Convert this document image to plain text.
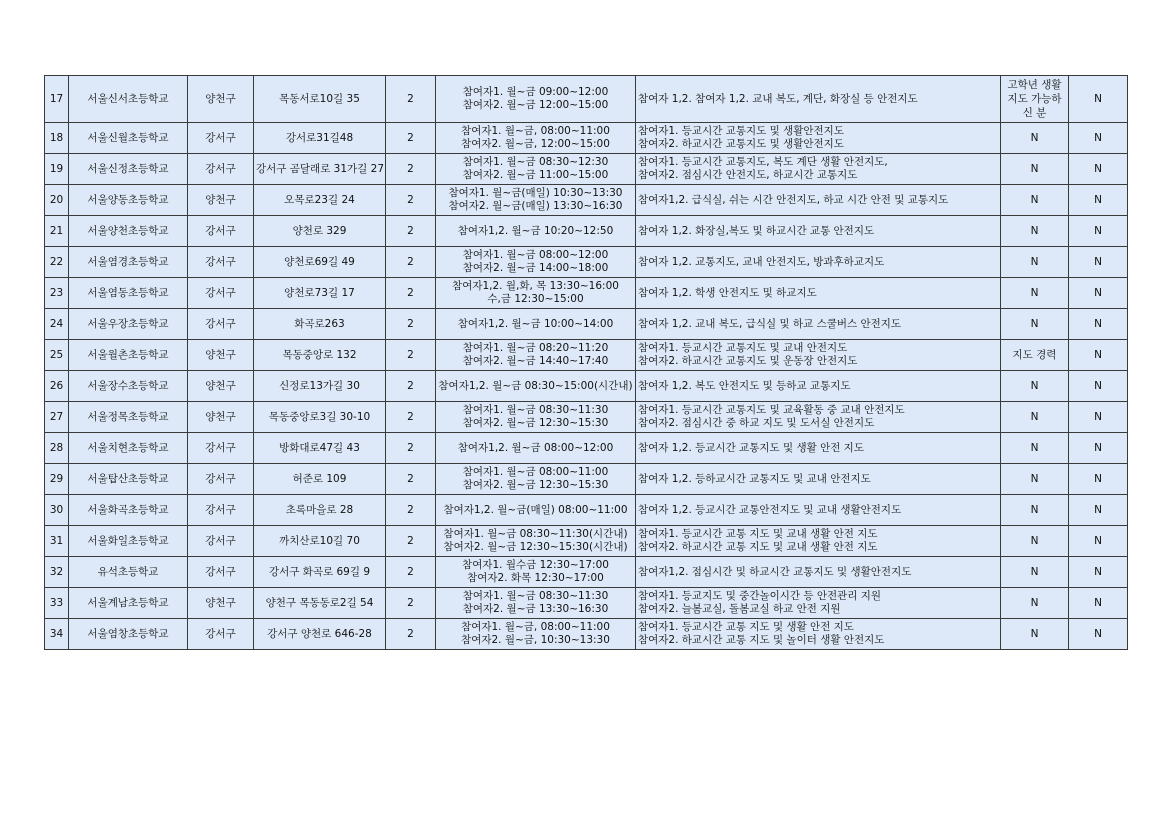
17	서울신서초등학교	양천구	목동서로10길 35	2	참여자1. 월~금 09:00~12:00
참여자2. 월~금 12:00~15:00	참여자 1,2. 참여자 1,2. 교내 복도, 계단, 화장실 등 안전지도	고학년 생활 지도 가능하 신 분	N
18	서울신월초등학교	강서구	강서로31길48	2	참여자1. 월~금, 08:00~11:00
참여자2. 월~금, 12:00~15:00	참여자1. 등교시간 교통지도 및 생활안전지도
참여자2. 하교시간 교통지도 및 생활안전지도	N	N
19	서울신정초등학교	강서구	강서구 곰달래로 31가길 27	2	참여자1. 월~금 08:30~12:30
참여자2. 월~금 11:00~15:00	참여자1. 등교시간 교통지도, 복도 계단 생활 안전지도,
참여자2. 점심시간 안전지도, 하교시간 교통지도	N	N
20	서울양동초등학교	양천구	오목로23길 24	2	참여자1. 월~금(매일) 10:30~13:30
참여자2. 월~금(매일) 13:30~16:30	참여자1,2. 급식실, 쉬는 시간 안전지도, 하교 시간 안전 및 교통지도	N	N
21	서울양천초등학교	강서구	양천로 329	2	참여자1,2. 월~금 10:20~12:50	참여자 1,2. 화장실,복도 및 하교시간 교통 안전지도	N	N
22	서울염경초등학교	강서구	양천로69길 49	2	참여자1. 월~금 08:00~12:00
참여자2. 월~금 14:00~18:00	참여자 1,2. 교통지도, 교내 안전지도, 방과후하교지도	N	N
23	서울염동초등학교	강서구	양천로73길 17	2	참여자1,2. 월,화, 목 13:30~16:00
수,금 12:30~15:00	참여자 1,2. 학생 안전지도 및 하교지도	N	N
24	서울우장초등학교	강서구	화곡로263	2	참여자1,2. 월~금 10:00~14:00	참여자 1,2. 교내 복도, 급식실 및 하교 스쿨버스 안전지도	N	N
25	서울월촌초등학교	양천구	목동중앙로 132	2	참여자1. 월~금 08:20~11:20
참여자2. 월~금 14:40~17:40	참여자1. 등교시간 교통지도 및 교내 안전지도
참여자2. 하교시간 교통지도 및 운동장 안전지도	지도 경력	N
26	서울장수초등학교	양천구	신정로13가길 30	2	참여자1,2. 월~금 08:30~15:00(시간내)	참여자 1,2. 복도 안전지도 및 등하교 교통지도	N	N
27	서울정목초등학교	양천구	목동중앙로3길 30-10	2	참여자1. 월~금 08:30~11:30
참여자2. 월~금 12:30~15:30	참여자1. 등교시간 교통지도 및 교육활동 중 교내 안전지도
참여자2. 점심시간 중 하교 지도 및 도서실 안전지도	N	N
28	서울치현초등학교	강서구	방화대로47길 43	2	참여자1,2. 월~금 08:00~12:00	참여자 1,2. 등교시간 교통지도 및 생활 안전 지도	N	N
29	서울탑산초등학교	강서구	허준로 109	2	참여자1. 월~금 08:00~11:00
참여자2. 월~금 12:30~15:30	참여자 1,2. 등하교시간 교통지도 및 교내 안전지도	N	N
30	서울화곡초등학교	강서구	초록마을로 28	2	참여자1,2. 월~금(매일) 08:00~11:00	참여자 1,2. 등교시간 교통안전지도 및 교내 생활안전지도	N	N
31	서울화일초등학교	강서구	까치산로10길 70	2	참여자1. 월~금 08:30~11:30(시간내)
참여자2. 월~금 12:30~15:30(시간내)	참여자1. 등교시간 교통 지도 및 교내 생활 안전 지도
참여자2. 하교시간 교통 지도 및 교내 생활 안전 지도	N	N
32	유석초등학교	강서구	강서구 화곡로 69길 9	2	참여자1. 월수금 12:30~17:00
참여자2. 화목 12:30~17:00	참여자1,2. 점심시간 및 하교시간 교통지도 및 생활안전지도	N	N
33	서울계남초등학교	양천구	양천구 목동동로2길 54	2	참여자1. 월~금 08:30~11:30
참여자2. 월~금 13:30~16:30	참여자1. 등교지도 및 중간놀이시간 등 안전관리 지원
참여자2. 늘봄교실, 돌봄교실 하교 안전 지원	N	N
34	서울염창초등학교	강서구	강서구 양천로 646-28	2	참여자1. 월~금, 08:00~11:00
참여자2. 월~금, 10:30~13:30	참여자1. 등교시간 교통 지도 및 생활 안전 지도
참여자2. 하교시간 교통 지도 및 놀이터 생활 안전지도	N	N
